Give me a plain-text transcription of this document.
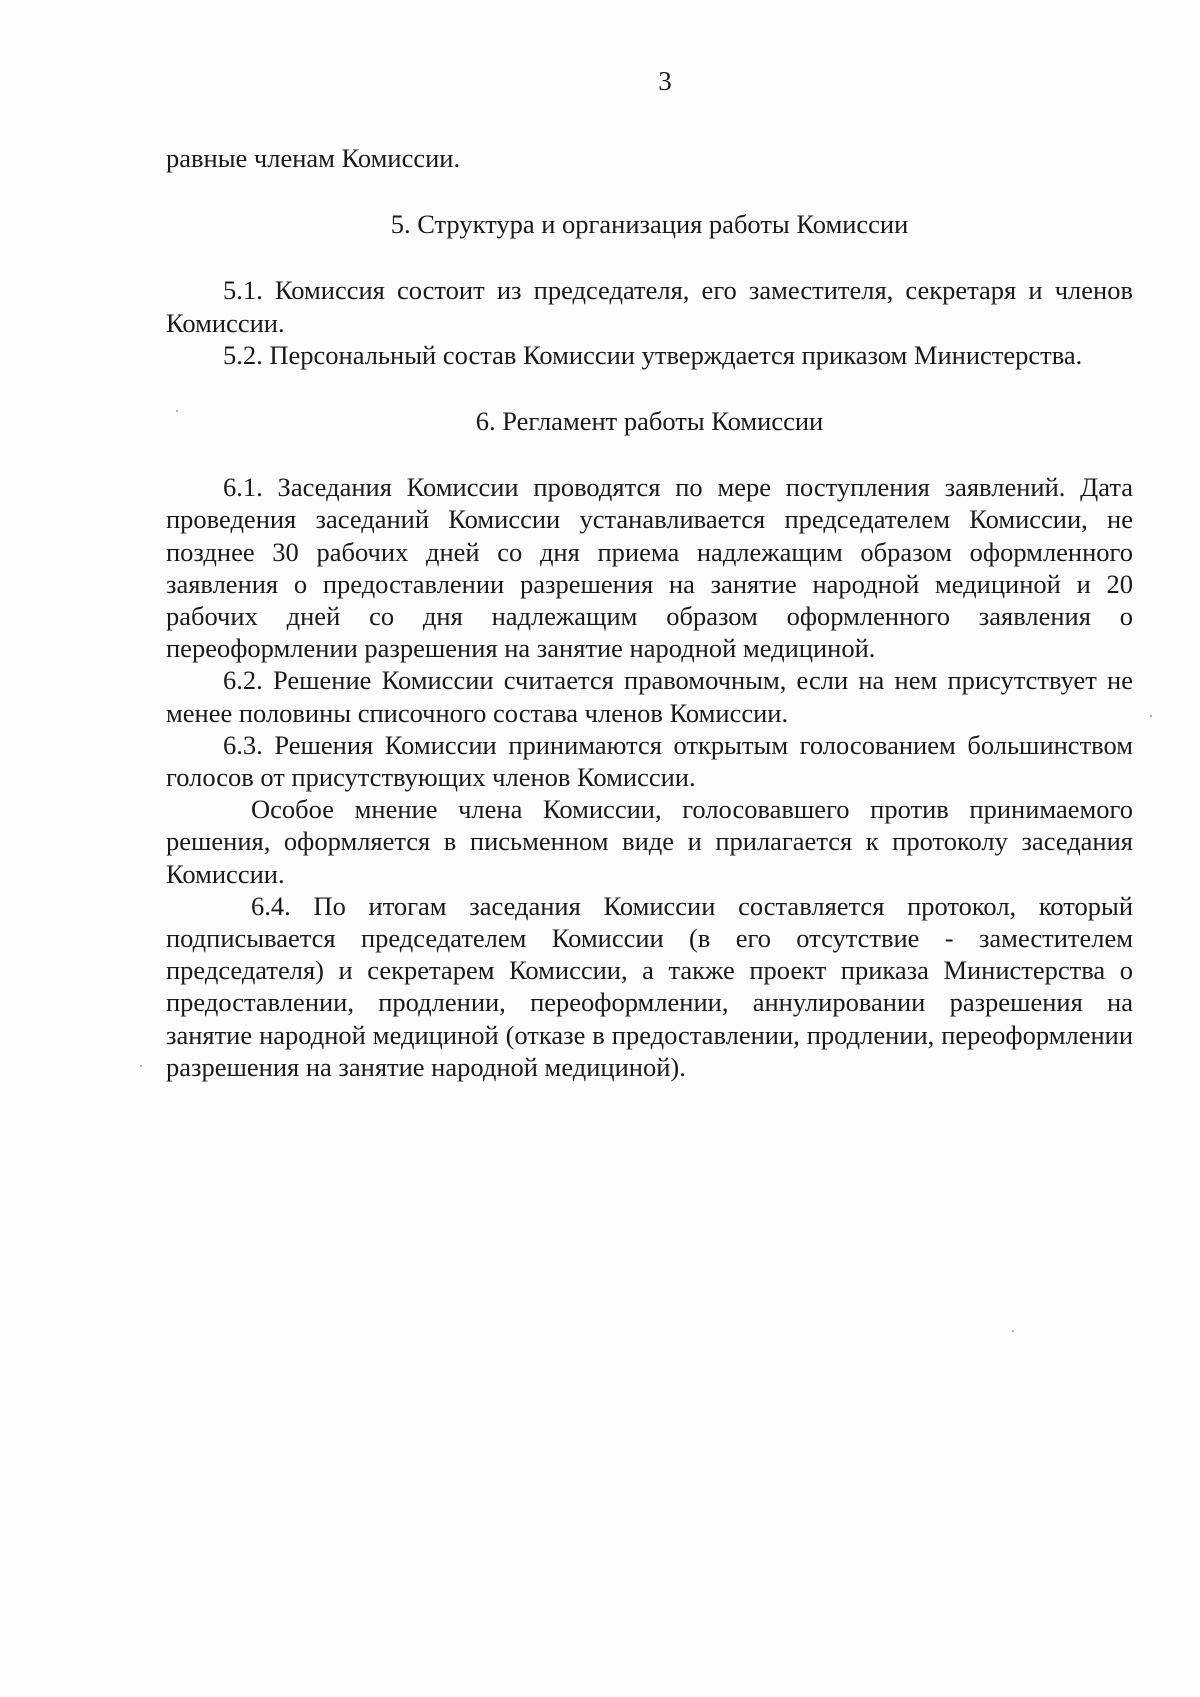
3

равные членам Комиссии.

5. Структура и организация работы Комиссии

5.1. Комиссия состоит из председателя, его заместителя, секретаря и членов Комиссии.

5.2. Персональный состав Комиссии утверждается приказом Министерства.

6. Регламент работы Комиссии

6.1. Заседания Комиссии проводятся по мере поступления заявлений. Дата проведения заседаний Комиссии устанавливается председателем Комиссии, не позднее 30 рабочих дней со дня приема надлежащим образом оформленного заявления о предоставлении разрешения на занятие народной медициной и 20 рабочих дней со дня надлежащим образом оформленного заявления о переоформлении разрешения на занятие народной медициной.

6.2. Решение Комиссии считается правомочным, если на нем присутствует не менее половины списочного состава членов Комиссии.

6.3. Решения Комиссии принимаются открытым голосованием большинством голосов от присутствующих членов Комиссии.

Особое мнение члена Комиссии, голосовавшего против принимаемого решения, оформляется в письменном виде и прилагается к протоколу заседания Комиссии.

6.4. По итогам заседания Комиссии составляется протокол, который подписывается председателем Комиссии (в его отсутствие - заместителем председателя) и секретарем Комиссии, а также проект приказа Министерства о предоставлении, продлении, переоформлении, аннулировании разрешения на занятие народной медициной (отказе в предоставлении, продлении, переоформлении разрешения на занятие народной медициной).
